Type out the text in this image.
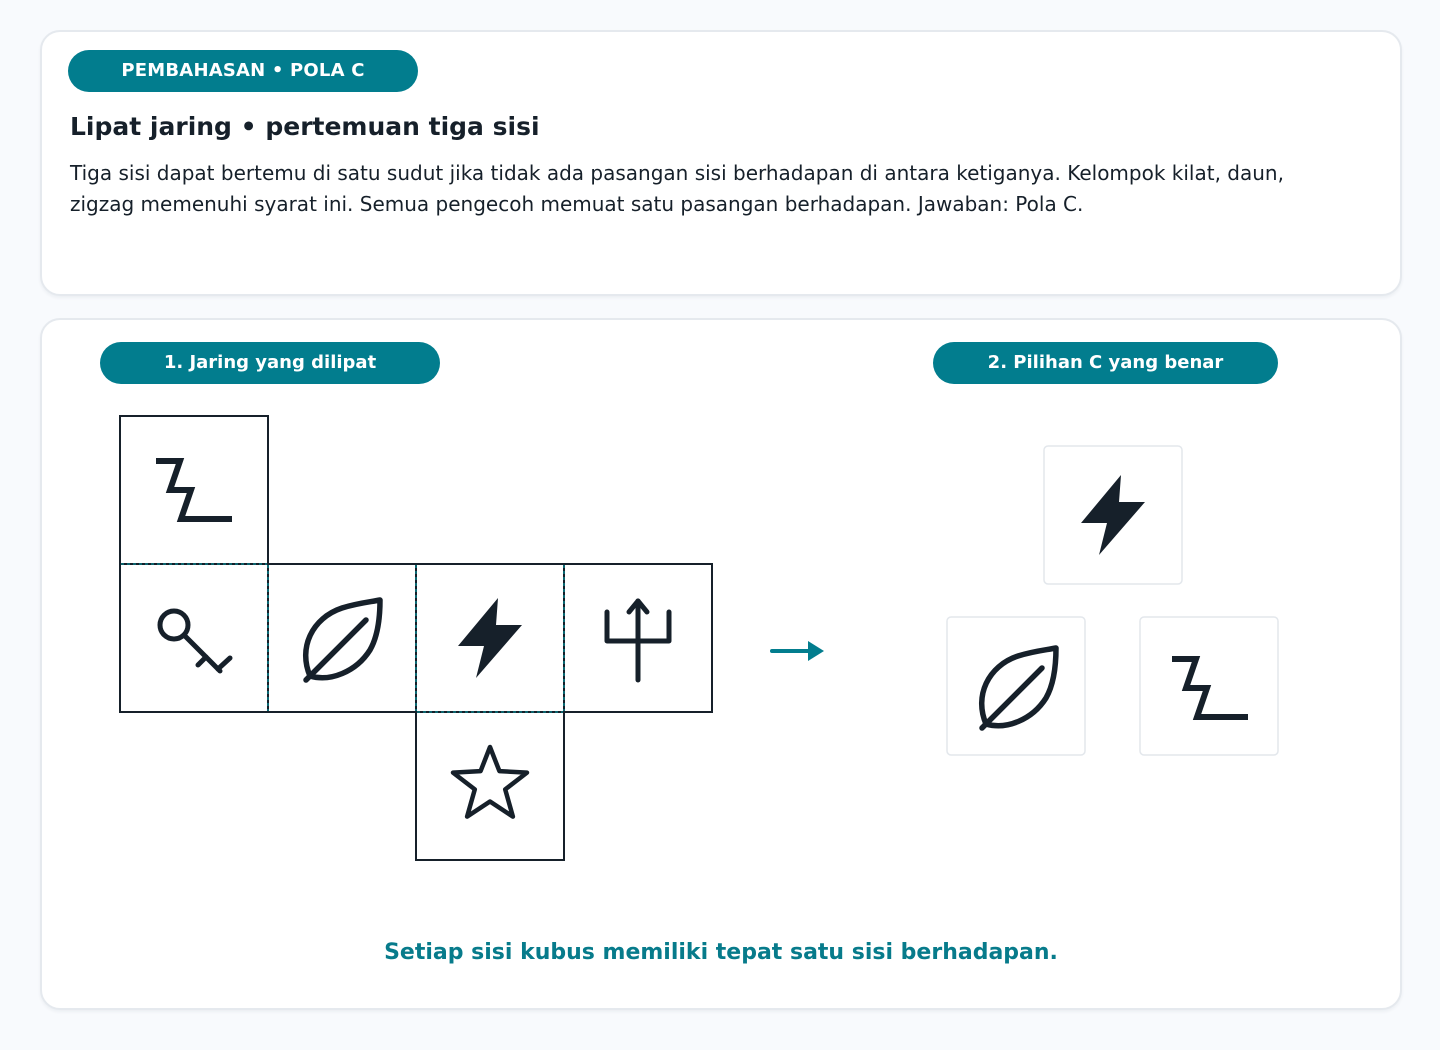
PEMBAHASAN • POLA C
Lipat jaring • pertemuan tiga sisi

Tiga sisi dapat bertemu di satu sudut jika tidak ada pasangan sisi berhadapan di antara ketiganya. Kelompok kilat, daun, zigzag memenuhi syarat ini. Semua pengecoh memuat satu pasangan berhadapan. Jawaban: Pola C.

1. Jaring yang dilipat	2. Pilihan C yang benar

Setiap sisi kubus memiliki tepat satu sisi berhadapan.
